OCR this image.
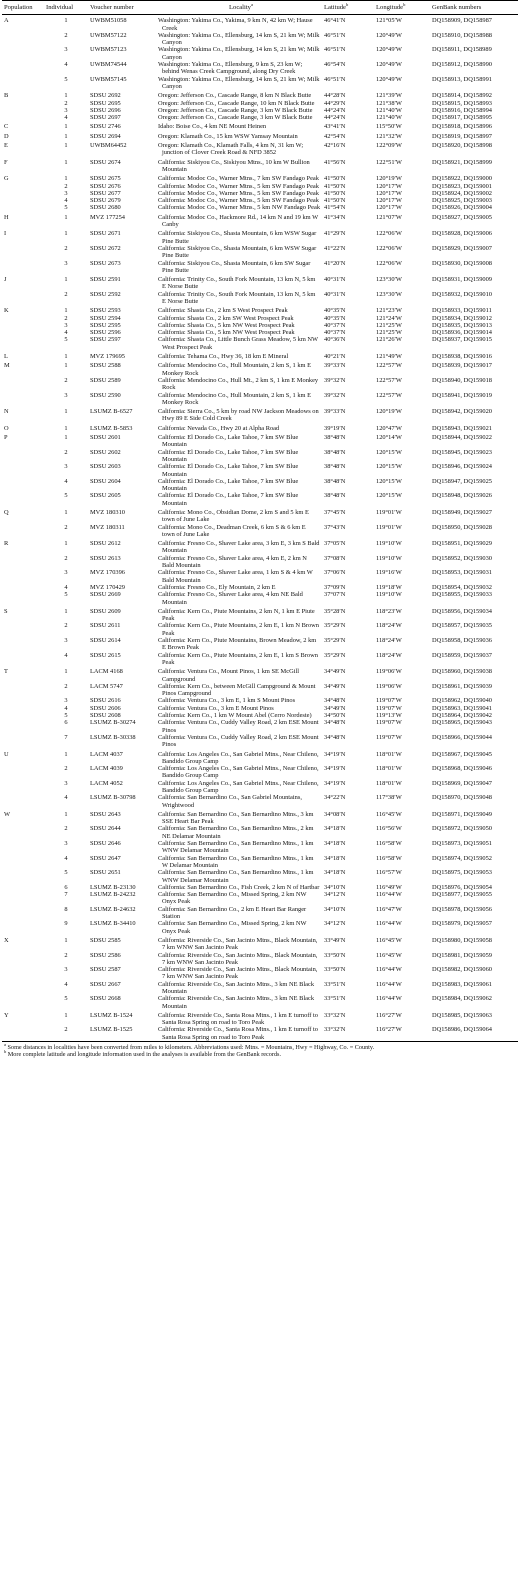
Population	Individual	Voucher number	Locality$^a$	Latitude$^b$	Longitude$^b$	GenBank numbers
A	1	UWBM51058	Washington: Yakima Co., Yakima, 9 km N, 42 km W; Hause Creek	46°41′N	121°05′W	DQ158909, DQ158987
	2	UWBM57122	Washington: Yakima Co., Ellensburg, 14 km S, 21 km W; Milk Canyon	46°51′N	120°49′W	DQ158910, DQ158988
	3	UWBM57123	Washington: Yakima Co., Ellensburg, 14 km S, 21 km W; Milk Canyon	46°51′N	120°49′W	DQ158911, DQ158989
	4	UWBM74544	Washington: Yakima Co., Ellensburg, 9 km S, 23 km W; behind Wenas Creek Campground, along Dry Creek	46°54′N	120°49′W	DQ158912, DQ158990
	5	UWBM57145	Washington: Yakima Co., Ellensburg, 14 km S, 21 km W; Milk Canyon	46°51′N	120°49′W	DQ158913, DQ158991
B	1	SDSU 2692	Oregon: Jefferson Co., Cascade Range, 8 km N Black Butte	44°28′N	121°39′W	DQ158914, DQ158992
	2	SDSU 2695	Oregon: Jefferson Co., Cascade Range, 10 km N Black Butte	44°29′N	121°38′W	DQ158915, DQ158993
	3	SDSU 2696	Oregon: Jefferson Co., Cascade Range, 3 km W Black Butte	44°24′N	121°40′W	DQ158916, DQ158994
	4	SDSU 2697	Oregon: Jefferson Co., Cascade Range, 3 km W Black Butte	44°24′N	121°40′W	DQ158917, DQ158995
C	1	SDSU 2746	Idaho: Boise Co., 4 km NE Mount Heinen	43°41′N	115°50′W	DQ158918, DQ158996
D	1	SDSU 2694	Oregon: Klamath Co., 15 km WSW Yamsay Mountain	42°54′N	121°32′W	DQ158919, DQ158997
E	1	UWBM64452	Oregon: Klamath Co., Klamath Falls, 4 km N, 31 km W; junction of Clover Creek Road & NFD 3852	42°16′N	122°09′W	DQ158920, DQ158998
F	1	SDSU 2674	California: Siskiyou Co., Siskiyou Mtns., 10 km W Bullion Mountain	41°56′N	122°51′W	DQ158921, DQ158999
G	1	SDSU 2675	California: Modoc Co., Warner Mtns., 7 km SW Fandago Peak	41°50′N	120°19′W	DQ158922, DQ159000
	2	SDSU 2676	California: Modoc Co., Warner Mtns., 5 km SW Fandago Peak	41°50′N	120°17′W	DQ158923, DQ159001
	3	SDSU 2677	California: Modoc Co., Warner Mtns., 5 km SW Fandago Peak	41°50′N	120°17′W	DQ158924, DQ159002
	4	SDSU 2679	California: Modoc Co., Warner Mtns., 5 km SW Fandago Peak	41°50′N	120°17′W	DQ158925, DQ159003
	5	SDSU 2680	California: Modoc Co., Warner Mtns., 5 km NW Fandago Peak	41°54′N	120°17′W	DQ158926, DQ159004
H	1	MVZ 177254	California: Modoc Co., Hackmore Rd., 14 km N and 19 km W Canby	41°34′N	121°07′W	DQ158927, DQ159005
I	1	SDSU 2671	California: Siskiyou Co., Shasta Mountain, 6 km WSW Sugar Pine Butte	41°29′N	122°06′W	DQ158928, DQ159006
	2	SDSU 2672	California: Siskiyou Co., Shasta Mountain, 6 km WSW Sugar Pine Butte	41°22′N	122°06′W	DQ158929, DQ159007
	3	SDSU 2673	California: Siskiyou Co., Shasta Mountain, 6 km SW Sugar Pine Butte	41°20′N	122°06′W	DQ158930, DQ159008
J	1	SDSU 2591	California: Trinity Co., South Fork Mountain, 13 km N, 5 km E Norse Butte	40°31′N	123°30′W	DQ158931, DQ159009
	2	SDSU 2592	California: Trinity Co., South Fork Mountain, 13 km N, 5 km E Norse Butte	40°31′N	123°30′W	DQ158932, DQ159010
K	1	SDSU 2593	California: Shasta Co., 2 km S West Prospect Peak	40°35′N	121°23′W	DQ158933, DQ159011
	2	SDSU 2594	California: Shasta Co., 2 km SW West Prospect Peak	40°35′N	121°24′W	DQ158934, DQ159012
	3	SDSU 2595	California: Shasta Co., 5 km NW West Prospect Peak	40°37′N	121°25′W	DQ158935, DQ159013
	4	SDSU 2596	California: Shasta Co., 5 km NW West Prospect Peak	40°37′N	121°25′W	DQ158936, DQ159014
	5	SDSU 2597	California: Shasta Co., Little Bunch Grass Meadow, 5 km NW West Prospect Peak	40°36′N	121°26′W	DQ158937, DQ159015
L	1	MVZ 179695	California: Tehama Co., Hwy 36, 18 km E Mineral	40°21′N	121°49′W	DQ158938, DQ159016
M	1	SDSU 2588	California: Mendocino Co., Hull Mountain, 2 km S, 1 km E Monkey Rock	39°33′N	122°57′W	DQ158939, DQ159017
	2	SDSU 2589	California: Mendocino Co., Hull Mt., 2 km S, 1 km E Monkey Rock	39°32′N	122°57′W	DQ158940, DQ159018
	3	SDSU 2590	California: Mendocino Co., Hull Mountain, 2 km S, 1 km E Monkey Rock	39°32′N	122°57′W	DQ158941, DQ159019
N	1	LSUMZ B-6527	California: Sierra Co., 5 km by road NW Jackson Meadows on Hwy 89 E Side Cold Creek	39°33′N	120°19′W	DQ158942, DQ159020
O	1	LSUMZ B-5853	California: Nevada Co., Hwy 20 at Alpha Road	39°19′N	120°47′W	DQ158943, DQ159021
P	1	SDSU 2601	California: El Dorado Co., Lake Tahoe, 7 km SW Blue Mountain	38°48′N	120°14′W	DQ158944, DQ159022
	2	SDSU 2602	California: El Dorado Co., Lake Tahoe, 7 km SW Blue Mountain	38°48′N	120°15′W	DQ158945, DQ159023
	3	SDSU 2603	California: El Dorado Co., Lake Tahoe, 7 km SW Blue Mountain	38°48′N	120°15′W	DQ158946, DQ159024
	4	SDSU 2604	California: El Dorado Co., Lake Tahoe, 7 km SW Blue Mountain	38°48′N	120°15′W	DQ158947, DQ159025
	5	SDSU 2605	California: El Dorado Co., Lake Tahoe, 7 km SW Blue Mountain	38°48′N	120°15′W	DQ158948, DQ159026
Q	1	MVZ 180310	California: Mono Co., Obsidian Dome, 2 km S and 5 km E town of June Lake	37°45′N	119°01′W	DQ158949, DQ159027
	2	MVZ 180311	California: Mono Co., Deadman Creek, 6 km S & 6 km E town of June Lake	37°43′N	119°01′W	DQ158950, DQ159028
R	1	SDSU 2612	California: Fresno Co., Shaver Lake area, 3 km E, 3 km S Bald Mountain	37°05′N	119°10′W	DQ158951, DQ159029
	2	SDSU 2613	California: Fresno Co., Shaver Lake area, 4 km E, 2 km N Bald Mountain	37°08′N	119°10′W	DQ158952, DQ159030
	3	MVZ 170396	California: Fresno Co., Shaver Lake area, 1 km S & 4 km W Bald Mountain	37°06′N	119°16′W	DQ158953, DQ159031
	4	MVZ 170429	California: Fresno Co., Ely Mountain, 2 km E	37°09′N	119°18′W	DQ158954, DQ159032
	5	SDSU 2669	California: Fresno Co., Shaver Lake area, 4 km NE Bald Mountain	37°07′N	119°10′W	DQ158955, DQ159033
S	1	SDSU 2609	California: Kern Co., Piute Mountains, 2 km N, 1 km E Piute Peak	35°28′N	118°23′W	DQ158956, DQ159034
	2	SDSU 2611	California: Kern Co., Piute Mountains, 2 km E, 1 km N Brown Peak	35°29′N	118°24′W	DQ158957, DQ159035
	3	SDSU 2614	California: Kern Co., Piute Mountains, Brown Meadow, 2 km E Brown Peak	35°29′N	118°24′W	DQ158958, DQ159036
	4	SDSU 2615	California: Kern Co., Piute Mountains, 2 km E, 1 km S Brown Peak	35°29′N	118°24′W	DQ158959, DQ159037
T	1	LACM 4168	California: Ventura Co., Mount Pinos, 1 km SE McGill Campground	34°49′N	119°06′W	DQ158960, DQ159038
	2	LACM 5747	California: Kern Co., between McGill Campground & Mount Pinos Campground	34°49′N	119°06′W	DQ158961, DQ159039
	3	SDSU 2616	California: Ventura Co., 3 km E, 1 km S Mount Pinos	34°48′N	119°07′W	DQ158962, DQ159040
	4	SDSU 2606	California: Ventura Co., 3 km E Mount Pinos	34°49′N	119°07′W	DQ158963, DQ159041
	5	SDSU 2608	California: Kern Co., 1 km W Mount Abel (Cerro Nordeste)	34°50′N	119°13′W	DQ158964, DQ159042
	6	LSUMZ B-30274	California: Ventura Co., Cuddy Valley Road, 2 km ESE Mount Pinos	34°48′N	119°07′W	DQ158965, DQ159043
	7	LSUMZ B-30338	California: Ventura Co., Cuddy Valley Road, 2 km ESE Mount Pinos	34°48′N	119°07′W	DQ158966, DQ159044
U	1	LACM 4037	California: Los Angeles Co., San Gabriel Mtns., Near Chileno, Bandido Group Camp	34°19′N	118°01′W	DQ158967, DQ159045
	2	LACM 4039	California: Los Angeles Co., San Gabriel Mtns., Near Chileno, Bandido Group Camp	34°19′N	118°01′W	DQ158968, DQ159046
	3	LACM 4052	California: Los Angeles Co., San Gabriel Mtns., Near Chileno, Bandido Group Camp	34°19′N	118°01′W	DQ158969, DQ159047
	4	LSUMZ B-30798	California: San Bernardino Co., San Gabriel Mountains, Wrightwood	34°22′N	117°38′W	DQ158970, DQ159048
W	1	SDSU 2643	California: San Bernardino Co., San Bernardino Mtns., 3 km SSE Heart Bar Peak	34°08′N	116°45′W	DQ158971, DQ159049
	2	SDSU 2644	California: San Bernardino Co., San Bernardino Mtns., 2 km NE Delamar Mountain	34°18′N	116°56′W	DQ158972, DQ159050
	3	SDSU 2646	California: San Bernardino Co., San Bernardino Mtns., 1 km WNW Delamar Mountain	34°18′N	116°58′W	DQ158973, DQ159051
	4	SDSU 2647	California: San Bernardino Co., San Bernardino Mtns., 1 km W Delamar Mountain	34°18′N	116°58′W	DQ158974, DQ159052
	5	SDSU 2651	California: San Bernardino Co., San Bernardino Mtns., 1 km WNW Delamar Mountain	34°18′N	116°57′W	DQ158975, DQ159053
	6	LSUMZ B-23130	California: San Bernardino Co., Fish Creek, 2 km N of Hartbar	34°10′N	116°49′W	DQ158976, DQ159054
	7	LSUMZ B-24232	California: San Bernardino Co., Missed Spring, 2 km NW Onyx Peak	34°12′N	116°44′W	DQ158977, DQ159055
	8	LSUMZ B-24632	California: San Bernardino Co., 2 km E Heart Bar Ranger Station	34°10′N	116°47′W	DQ158978, DQ159056
	9	LSUMZ B-34410	California: San Bernardino Co., Missed Spring, 2 km NW Onyx Peak	34°12′N	116°44′W	DQ158979, DQ159057
X	1	SDSU 2585	California: Riverside Co., San Jacinto Mtns., Black Mountain, 7 km WNW San Jacinto Peak	33°49′N	116°45′W	DQ158980, DQ159058
	2	SDSU 2586	California: Riverside Co., San Jacinto Mtns., Black Mountain, 7 km WNW San Jacinto Peak	33°50′N	116°45′W	DQ158981, DQ159059
	3	SDSU 2587	California: Riverside Co., San Jacinto Mtns., Black Mountain, 7 km WNW San Jacinto Peak	33°50′N	116°44′W	DQ158982, DQ159060
	4	SDSU 2667	California: Riverside Co., San Jacinto Mtns., 3 km NE Black Mountain	33°51′N	116°44′W	DQ158983, DQ159061
	5	SDSU 2668	California: Riverside Co., San Jacinto Mtns., 3 km NE Black Mountain	33°51′N	116°44′W	DQ158984, DQ159062
Y	1	LSUMZ B-1524	California: Riverside Co., Santa Rosa Mtns., 1 km E turnoff to Santa Rosa Spring on road to Toro Peak	33°32′N	116°27′W	DQ158985, DQ159063
	2	LSUMZ B-1525	California: Riverside Co., Santa Rosa Mtns., 1 km E turnoff to Santa Rosa Spring on road to Toro Peak	33°32′N	116°27′W	DQ158986, DQ159064

$^a$ Some distances in localities have been converted from miles to kilometers. Abbreviations used: Mtns. = Mountains, Hwy = Highway, Co. = County.

$^b$ More complete latitude and longitude information used in the analyses is available from the GenBank records.
